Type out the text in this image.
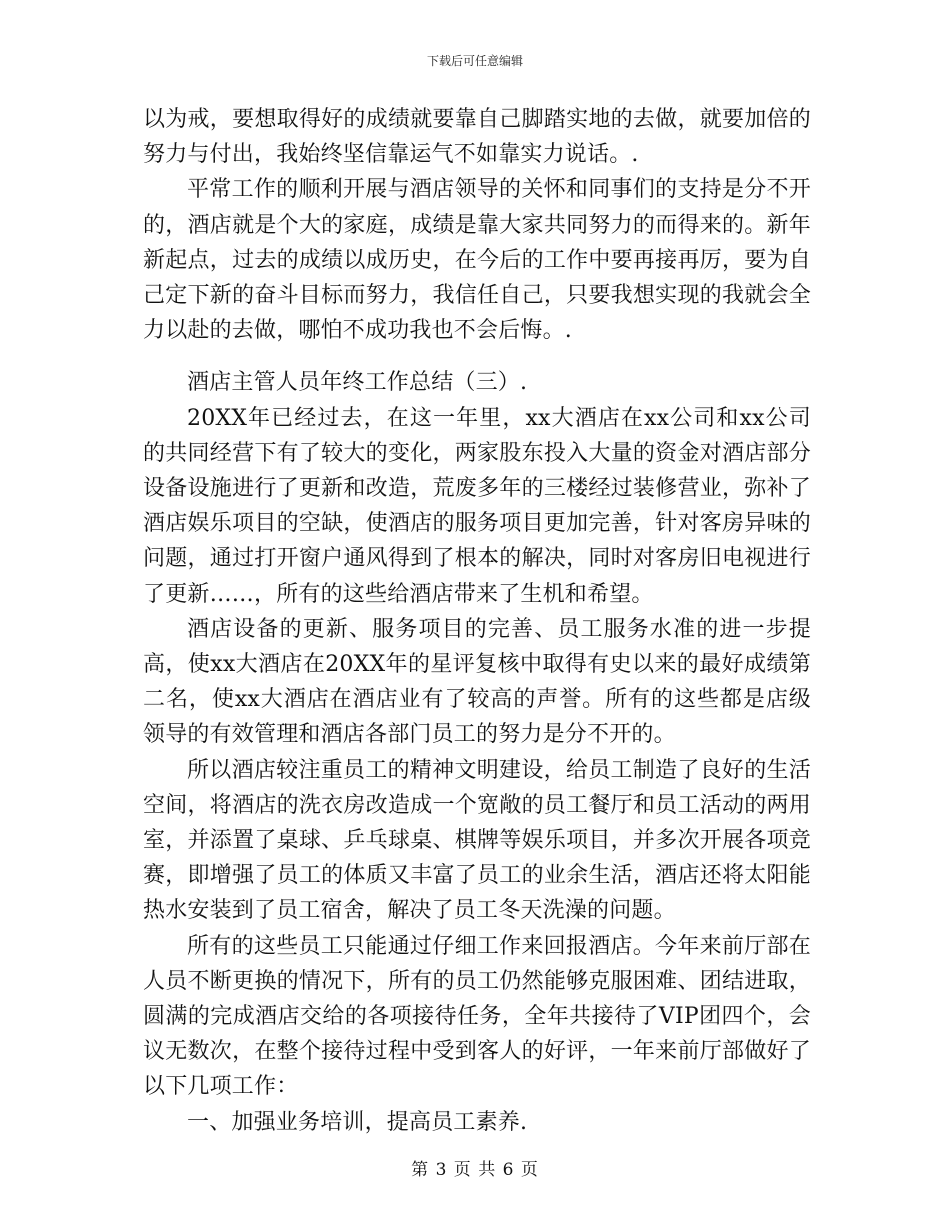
下载后可任意编辑

以为戒，要想取得好的成绩就要靠自己脚踏实地的去做，就要加倍的努力与付出，我始终坚信靠运气不如靠实力说话。.

平常工作的顺利开展与酒店领导的关怀和同事们的支持是分不开的，酒店就是个大的家庭，成绩是靠大家共同努力的而得来的。新年新起点，过去的成绩以成历史，在今后的工作中要再接再厉，要为自己定下新的奋斗目标而努力，我信任自己，只要我想实现的我就会全力以赴的去做，哪怕不成功我也不会后悔。.

酒店主管人员年终工作总结（三）.

20XX年已经过去，在这一年里，xx大酒店在xx公司和xx公司的共同经营下有了较大的变化，两家股东投入大量的资金对酒店部分设备设施进行了更新和改造，荒废多年的三楼经过装修营业，弥补了酒店娱乐项目的空缺，使酒店的服务项目更加完善，针对客房异味的问题，通过打开窗户通风得到了根本的解决，同时对客房旧电视进行了更新……，所有的这些给酒店带来了生机和希望。

酒店设备的更新、服务项目的完善、员工服务水准的进一步提高，使xx大酒店在20XX年的星评复核中取得有史以来的最好成绩第二名，使xx大酒店在酒店业有了较高的声誉。所有的这些都是店级领导的有效管理和酒店各部门员工的努力是分不开的。

所以酒店较注重员工的精神文明建设，给员工制造了良好的生活空间，将酒店的洗衣房改造成一个宽敞的员工餐厅和员工活动的两用室，并添置了桌球、乒乓球桌、棋牌等娱乐项目，并多次开展各项竞赛，即增强了员工的体质又丰富了员工的业余生活，酒店还将太阳能热水安装到了员工宿舍，解决了员工冬天洗澡的问题。

所有的这些员工只能通过仔细工作来回报酒店。今年来前厅部在人员不断更换的情况下，所有的员工仍然能够克服困难、团结进取，圆满的完成酒店交给的各项接待任务，全年共接待了VIP团四个，会议无数次，在整个接待过程中受到客人的好评，一年来前厅部做好了以下几项工作：

一、加强业务培训，提高员工素养.

第 3 页 共 6 页
